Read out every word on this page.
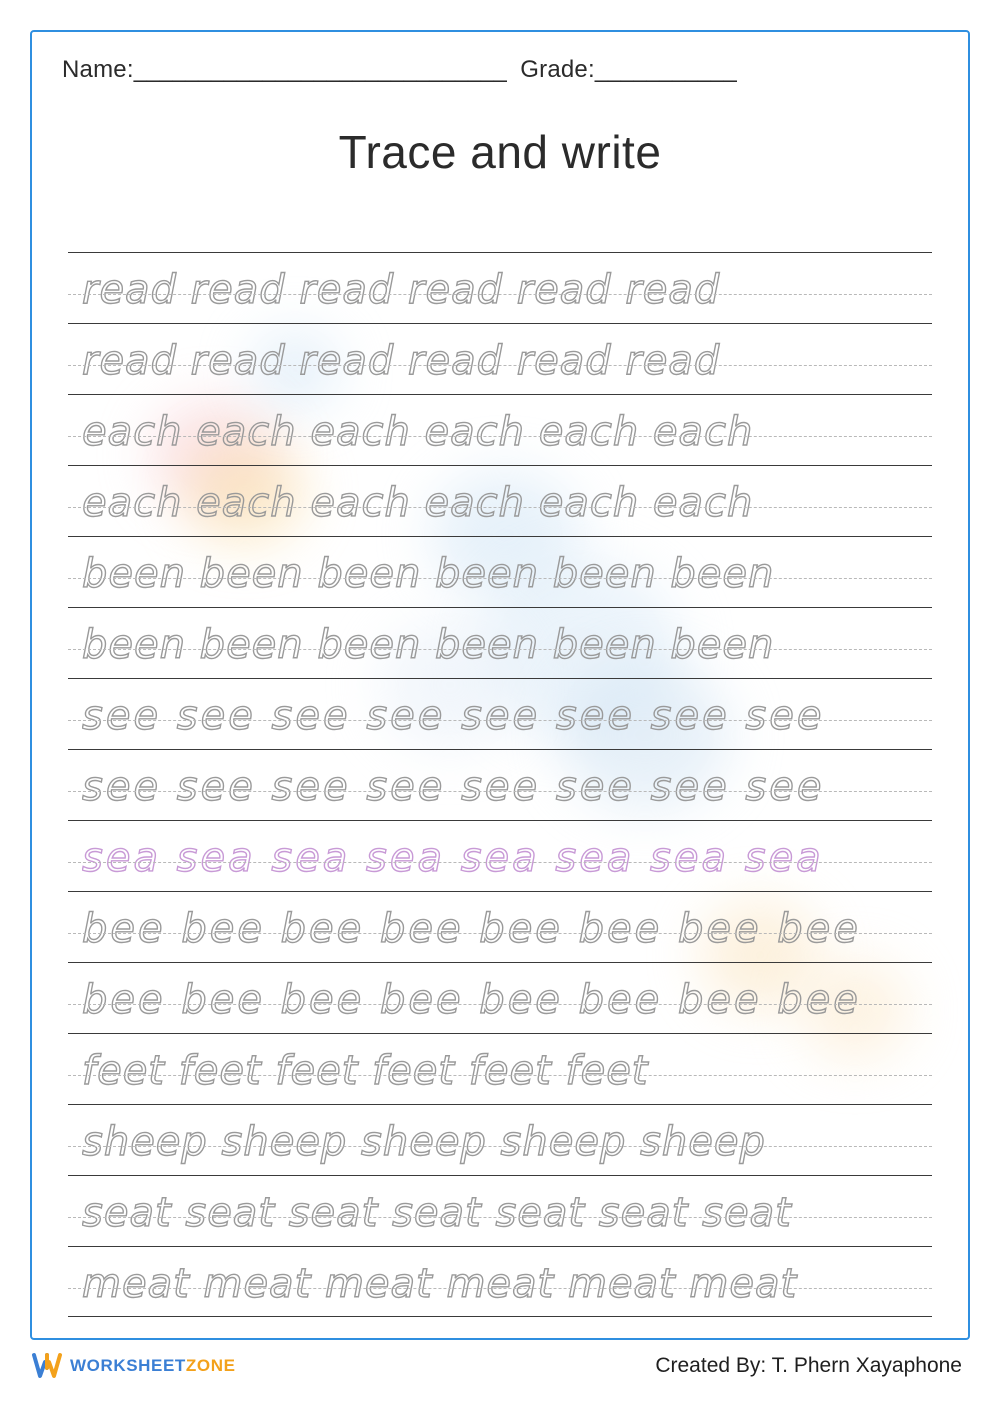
Name: _____________________________ Grade: ___________
Trace and write
read read read read read read
read read read read read read
each each each each each each
each each each each each each
been been been been been been
been been been been been been
see see see see see see see see
see see see see see see see see
sea sea sea sea sea sea sea sea
bee bee bee bee bee bee bee bee
bee bee bee bee bee bee bee bee
feet feet feet feet feet feet
sheep sheep sheep sheep sheep
seat seat seat seat seat seat seat
meat meat meat meat meat meat
WORKSHEETZONE	Created By: T. Phern Xayaphone
